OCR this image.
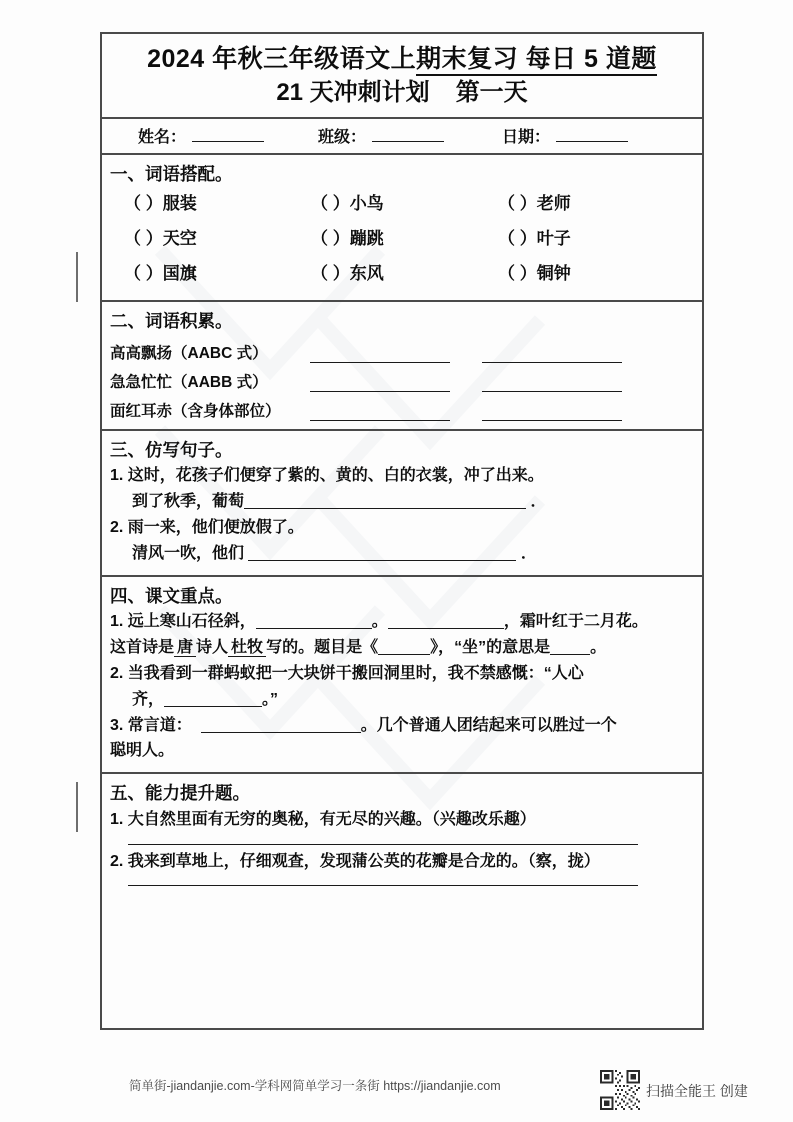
2024 年秋三年级语文上期末复习 每日 5 道题
21 天冲刺计划 第一天
姓名：	班级：	日期：
一、词语搭配。
（ ）服装	（ ）小鸟	（ ）老师
（ ）天空	（ ）蹦跳	（ ）叶子
（ ）国旗	（ ）东风	（ ）铜钟
二、词语积累。
高高飘扬（AABC 式）
急急忙忙（AABB 式）
面红耳赤（含身体部位）
三、仿写句子。
1. 这时，花孩子们便穿了紫的、黄的、白的衣裳，冲了出来。
到了秋季，葡萄	．
2. 雨一来，他们便放假了。
清风一吹，他们	．
四、课文重点。
1. 远上寒山石径斜，	。	，霜叶红于二月花。
这首诗是 唐 诗人 杜牧 写的。题目是《	》，“坐”的意思是	。
2. 当我看到一群蚂蚁把一大块饼干搬回洞里时，我不禁感慨：“人心
齐，	。”
3. 常言道：	。几个普通人团结起来可以胜过一个
聪明人。
五、能力提升题。
1. 大自然里面有无穷的奥秘，有无尽的兴趣。（兴趣改乐趣）
2. 我来到草地上，仔细观查，发现蒲公英的花瓣是合龙的。（察，拢）
简单街-jiandanjie.com-学科网简单学习一条街 https://jiandanjie.com	扫描全能王 创建
